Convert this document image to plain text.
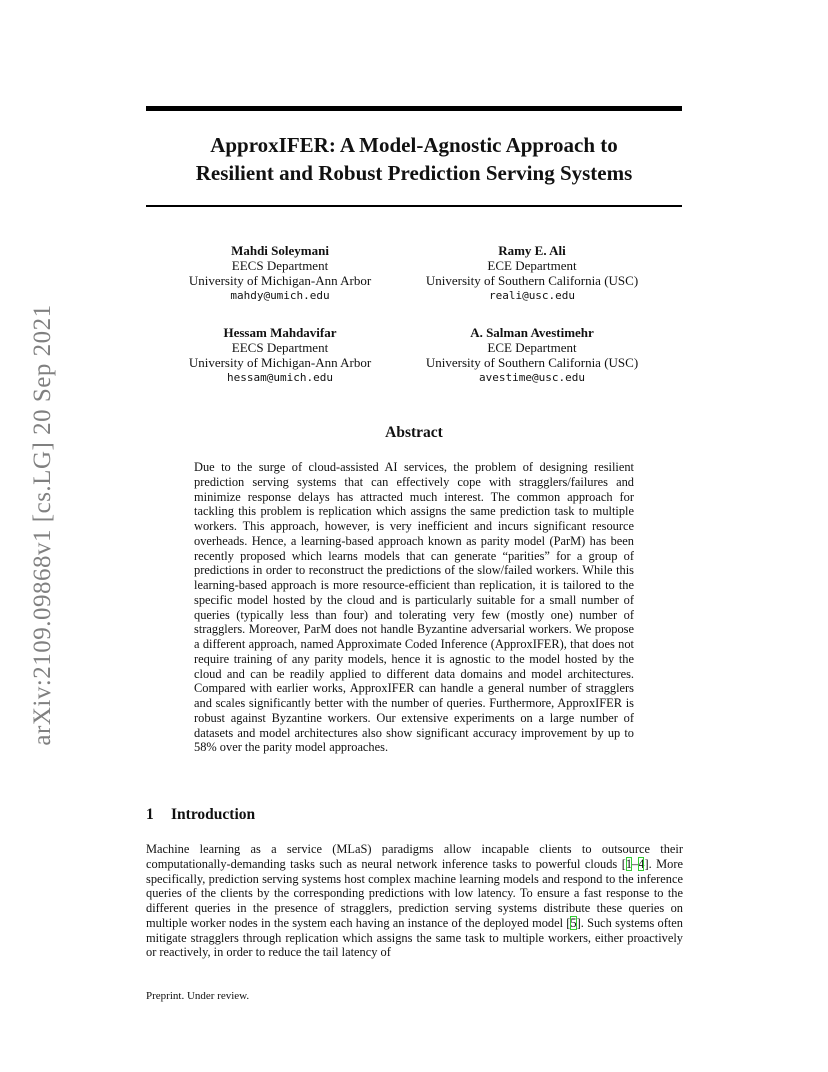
arXiv:2109.09868v1 [cs.LG] 20 Sep 2021
ApproxIFER: A Model-Agnostic Approach to
Resilient and Robust Prediction Serving Systems
Mahdi Soleymani
EECS Department
University of Michigan-Ann Arbor
mahdy@umich.edu
Ramy E. Ali
ECE Department
University of Southern California (USC)
reali@usc.edu
Hessam Mahdavifar
EECS Department
University of Michigan-Ann Arbor
hessam@umich.edu
A. Salman Avestimehr
ECE Department
University of Southern California (USC)
avestime@usc.edu
Abstract

Due to the surge of cloud-assisted AI services, the problem of designing resilient prediction serving systems that can effectively cope with stragglers/failures and minimize response delays has attracted much interest. The common approach for tackling this problem is replication which assigns the same prediction task to multiple workers. This approach, however, is very inefficient and incurs significant resource overheads. Hence, a learning-based approach known as parity model (ParM) has been recently proposed which learns models that can generate “parities” for a group of predictions in order to reconstruct the predictions of the slow/failed workers. While this learning-based approach is more resource-efficient than replication, it is tailored to the specific model hosted by the cloud and is particularly suitable for a small number of queries (typically less than four) and tolerating very few (mostly one) number of stragglers. Moreover, ParM does not handle Byzantine adversarial workers. We propose a different approach, named Approximate Coded Inference (ApproxIFER), that does not require training of any parity models, hence it is agnostic to the model hosted by the cloud and can be readily applied to different data domains and model architectures. Compared with earlier works, ApproxIFER can handle a general number of stragglers and scales significantly better with the number of queries. Furthermore, ApproxIFER is robust against Byzantine workers. Our extensive experiments on a large number of datasets and model architectures also show significant accuracy improvement by up to 58% over the parity model approaches.

1 Introduction

Machine learning as a service (MLaS) paradigms allow incapable clients to outsource their computationally-demanding tasks such as neural network inference tasks to powerful clouds [1–4]. More specifically, prediction serving systems host complex machine learning models and respond to the inference queries of the clients by the corresponding predictions with low latency. To ensure a fast response to the different queries in the presence of stragglers, prediction serving systems distribute these queries on multiple worker nodes in the system each having an instance of the deployed model [5]. Such systems often mitigate stragglers through replication which assigns the same task to multiple workers, either proactively or reactively, in order to reduce the tail latency of

Preprint. Under review.
